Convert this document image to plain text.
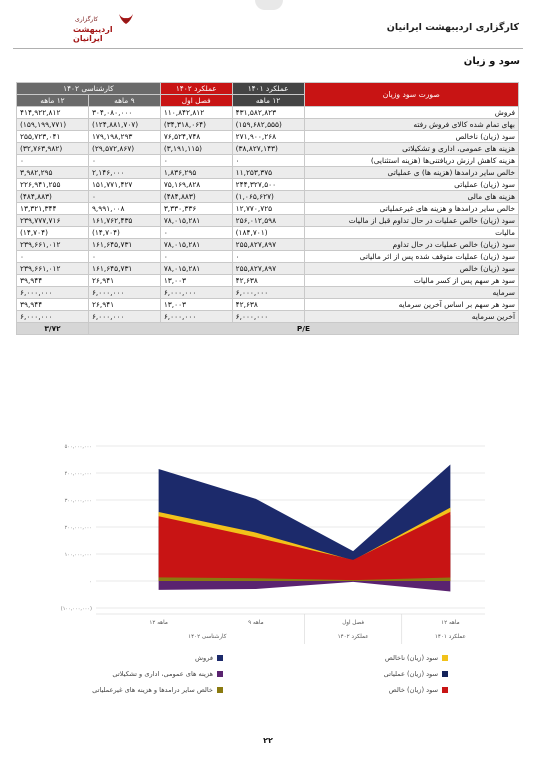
کارگزاری اردیبهشت ایرانیان
کارگزاری
اردیبهشت ایرانیان
سود و زیان
صورت سود وزیان	عملکرد ۱۴۰۱	عملکرد ۱۴۰۲	کارشناسی ۱۴۰۲	
	۱۲ ماهه	فصل اول	۹ ماهه	۱۲ ماهه
فروش	۴۳۱,۵۸۲,۸۲۳	۱۱۰,۸۴۲,۸۱۲	۳۰۴,۰۸۰,۰۰۰	۴۱۴,۹۲۲,۸۱۲
بهای تمام شده کالای فروش رفته	(۱۵۹,۶۸۲,۵۵۵)	(۳۴,۳۱۸,۰۶۴)	(۱۲۴,۸۸۱,۷۰۷)	(۱۵۹,۱۹۹,۷۷۱)
سود (زیان) ناخالص	۲۷۱,۹۰۰,۲۶۸	۷۶,۵۲۴,۷۴۸	۱۷۹,۱۹۸,۲۹۳	۲۵۵,۷۲۳,۰۴۱
هزینه های عمومی، اداری و تشکیلاتی	(۳۸,۸۲۷,۱۴۳)	(۳,۱۹۱,۱۱۵)	(۲۹,۵۷۲,۸۶۷)	(۳۲,۷۶۳,۹۸۲)
هزینه کاهش ارزش دریافتنی‌ها (هزینه استثنایی)	۰	۰	۰	۰
خالص سایر درامدها (هزینه ها) ی عملیاتی	۱۱,۲۵۳,۳۷۵	۱,۸۳۶,۲۹۵	۲,۱۴۶,۰۰۰	۳,۹۸۲,۲۹۵
سود (زیان) عملیاتی	۲۴۴,۳۲۷,۵۰۰	۷۵,۱۶۹,۸۲۸	۱۵۱,۷۷۱,۴۲۷	۲۲۶,۹۴۱,۲۵۵
هزینه های مالی	(۱,۰۶۵,۶۲۷)	(۴۸۴,۸۸۳)	۰	(۴۸۴,۸۸۳)
خالص سایر درامدها و هزینه های غیرعملیاتی	۱۲,۷۷۰,۷۲۵	۳,۳۳۰,۳۳۶	۹,۹۹۱,۰۰۸	۱۳,۳۲۱,۳۴۴
سود (زیان) خالص عملیات در حال تداوم قبل از مالیات	۲۵۶,۰۱۲,۵۹۸	۷۸,۰۱۵,۲۸۱	۱۶۱,۷۶۲,۴۳۵	۲۳۹,۷۷۷,۷۱۶
مالیات	(۱۸۴,۷۰۱)	۰	(۱۴,۷۰۴)	(۱۴,۷۰۴)
سود (زیان) خالص عملیات در حال تداوم	۲۵۵,۸۲۷,۸۹۷	۷۸,۰۱۵,۲۸۱	۱۶۱,۶۴۵,۷۳۱	۲۳۹,۶۶۱,۰۱۲
سود (زیان) عملیات متوقف شده پس از اثر مالیاتی	۰	۰	۰	۰
سود (زیان) خالص	۲۵۵,۸۲۷,۸۹۷	۷۸,۰۱۵,۲۸۱	۱۶۱,۶۴۵,۷۳۱	۲۳۹,۶۶۱,۰۱۲
سود هر سهم پس از کسر مالیات	۴۲,۶۳۸	۱۳,۰۰۳	۲۶,۹۴۱	۳۹,۹۴۴
سرمایه	۶,۰۰۰,۰۰۰	۶,۰۰۰,۰۰۰	۶,۰۰۰,۰۰۰	۶,۰۰۰,۰۰۰
سود هر سهم بر اساس آخرین سرمایه	۴۲,۶۳۸	۱۳,۰۰۳	۲۶,۹۴۱	۳۹,۹۴۴
آخرین سرمایه	۶,۰۰۰,۰۰۰	۶,۰۰۰,۰۰۰	۶,۰۰۰,۰۰۰	۶,۰۰۰,۰۰۰
P/E				۳/۷۲
۵۰۰,۰۰۰,۰۰۰
۴۰۰,۰۰۰,۰۰۰
۳۰۰,۰۰۰,۰۰۰
۲۰۰,۰۰۰,۰۰۰
۱۰۰,۰۰۰,۰۰۰
۰
(۱۰۰,۰۰۰,۰۰۰)
۱۲ ماهه
فصل اول
۹ ماهه
۱۲ ماهه
عملکرد ۱۴۰۱
عملکرد ۱۴۰۲
کارشناسی ۱۴۰۲
فروش	سود (زیان) ناخالص
هزینه های عمومی، اداری و تشکیلاتی	سود (زیان) عملیاتی
خالص سایر درامدها و هزینه های غیرعملیاتی	سود (زیان) خالص
۲۲
